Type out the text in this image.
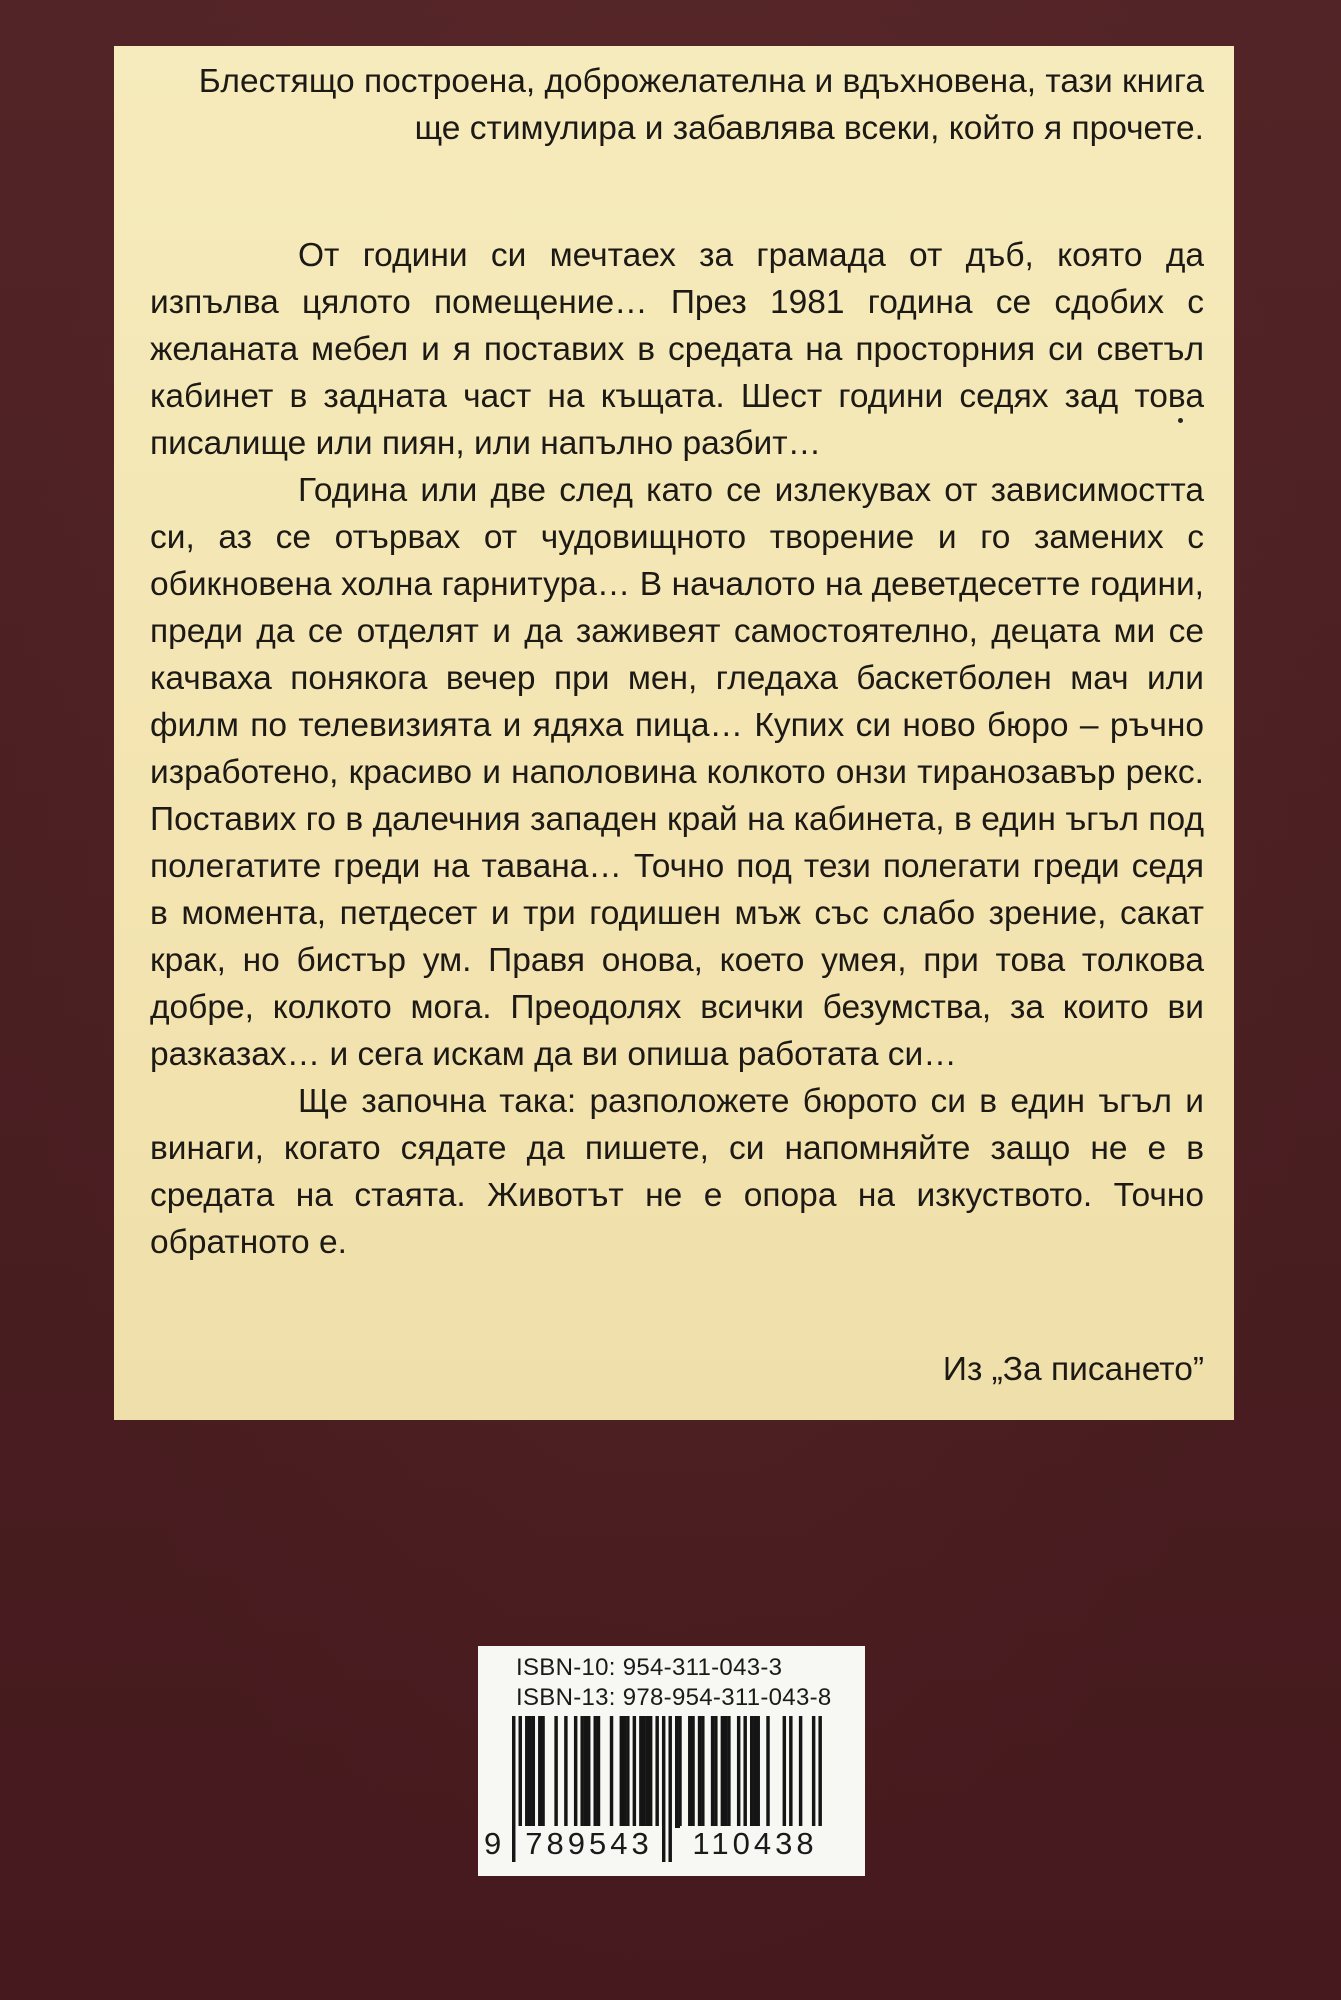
Блестящо построена, доброжелателна и вдъхновена, тази книга ще стимулира и забавлява всеки, който я прочете.

От години си мечтаех за грамада от дъб, която да изпълва цялото помещение… През 1981 година се сдобих с желаната мебел и я поставих в средата на просторния си светъл кабинет в задната част на къщата. Шест години седях зад това писалище или пиян, или напълно разбит…

Година или две след като се излекувах от зависимостта си, аз се отървах от чудовищното творение и го замених с обикновена холна гарнитура… В началото на деветдесетте години, преди да се отделят и да заживеят самостоятелно, децата ми се качваха понякога вечер при мен, гледаха баскетболен мач или филм по телевизията и ядяха пица… Купих си ново бюро – ръчно изработено, красиво и наполовина колкото онзи тиранозавър рекс. Поставих го в далечния западен край на кабинета, в един ъгъл под полегатите греди на тавана… Точно под тези полегати греди седя в момента, петдесет и три годишен мъж със слабо зрение, сакат крак, но бистър ум. Правя онова, което умея, при това толкова добре, колкото мога. Преодолях всички безумства, за които ви разказах… и сега искам да ви опиша работата си…

Ще започна така: разположете бюрото си в един ъгъл и винаги, когато сядате да пишете, си напомняйте защо не е в средата на стаята. Животът не е опора на изкуството. Точно обратното е.

Из „За писането”
ISBN-10: 954-311-043-3
ISBN-13: 978-954-311-043-8
9 789543	110438
